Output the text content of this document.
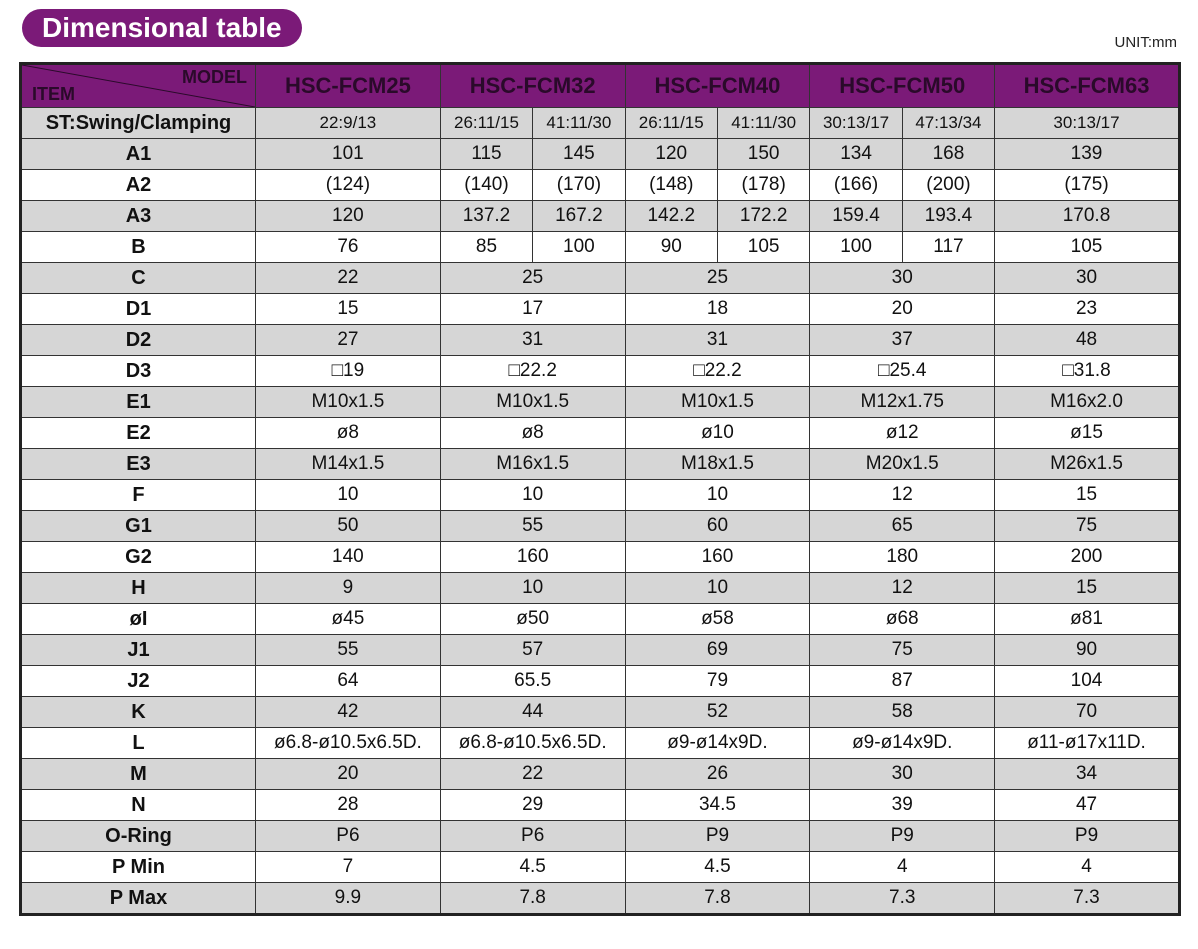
Dimensional table	UNIT:mm
MODEL
ITEM	HSC-FCM25	HSC-FCM32		HSC-FCM40		HSC-FCM50		HSC-FCM63
ST:Swing/Clamping	22:9/13	26:11/15	41:11/30	26:11/15	41:11/30	30:13/17	47:13/34	30:13/17
A1	101	115	145	120	150	134	168	139
A2	(124)	(140)	(170)	(148)	(178)	(166)	(200)	(175)
A3	120	137.2	167.2	142.2	172.2	159.4	193.4	170.8
B	76	85	100	90	105	100	117	105
C	22	25		25		30		30
D1	15	17		18		20		23
D2	27	31		31		37		48
D3	□19	□22.2		□22.2		□25.4		□31.8
E1	M10x1.5	M10x1.5		M10x1.5		M12x1.75		M16x2.0
E2	ø8	ø8		ø10		ø12		ø15
E3	M14x1.5	M16x1.5		M18x1.5		M20x1.5		M26x1.5
F	10	10		10		12		15
G1	50	55		60		65		75
G2	140	160		160		180		200
H	9	10		10		12		15
øI	ø45	ø50		ø58		ø68		ø81
J1	55	57		69		75		90
J2	64	65.5		79		87		104
K	42	44		52		58		70
L	ø6.8-ø10.5x6.5D.	ø6.8-ø10.5x6.5D.		ø9-ø14x9D.		ø9-ø14x9D.		ø11-ø17x11D.
M	20	22		26		30		34
N	28	29		34.5		39		47
O-Ring	P6	P6		P9		P9		P9
P Min	7	4.5		4.5		4		4
P Max	9.9	7.8		7.8		7.3		7.3
